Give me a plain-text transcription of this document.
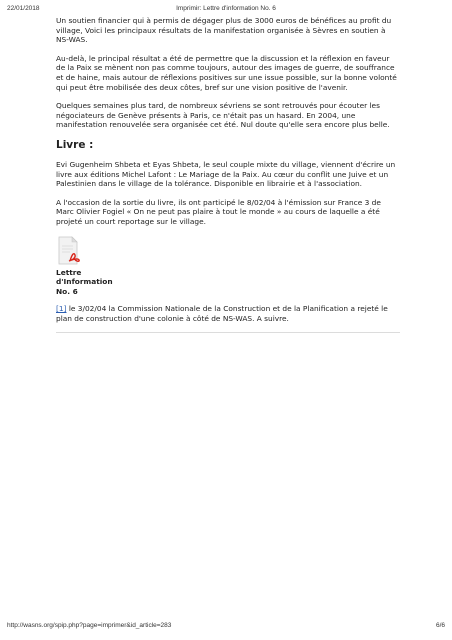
22/01/2018	Imprimir: Lettre d'information No. 6

Un soutien financier qui à permis de dégager plus de 3000 euros de bénéfices au profit du village, Voici les principaux résultats de la manifestation organisée à Sèvres en soutien à NS-WAS.

Au-delà, le principal résultat a été de permettre que la discussion et la réflexion en faveur de la Paix se mènent non pas comme toujours, autour des images de guerre, de souffrance et de haine, mais autour de réflexions positives sur une issue possible, sur la bonne volonté qui peut être mobilisée des deux côtes, bref sur une vision positive de l'avenir.

Quelques semaines plus tard, de nombreux sévriens se sont retrouvés pour écouter les négociateurs de Genève présents à Paris, ce n'était pas un hasard. En 2004, une manifestation renouvelée sera organisée cet été. Nul doute qu'elle sera encore plus belle.

Livre :

Evi Gugenheim Shbeta et Eyas Shbeta, le seul couple mixte du village, viennent d'écrire un livre aux éditions Michel Lafont : Le Mariage de la Paix. Au cœur du conflit une Juive et un Palestinien dans le village de la tolérance. Disponible en librairie et à l'association.

A l'occasion de la sortie du livre, ils ont participé le 8/02/04 à l'émission sur France 3 de Marc Olivier Fogiel « On ne peut pas plaire à tout le monde » au cours de laquelle a été projeté un court reportage sur le village.

Lettre
d'Information
No. 6

[1] le 3/02/04 la Commission Nationale de la Construction et de la Planification a rejeté le plan de construction d'une colonie à côté de NS-WAS. A suivre.

http://wasns.org/spip.php?page=imprimer&id_article=283	6/6
